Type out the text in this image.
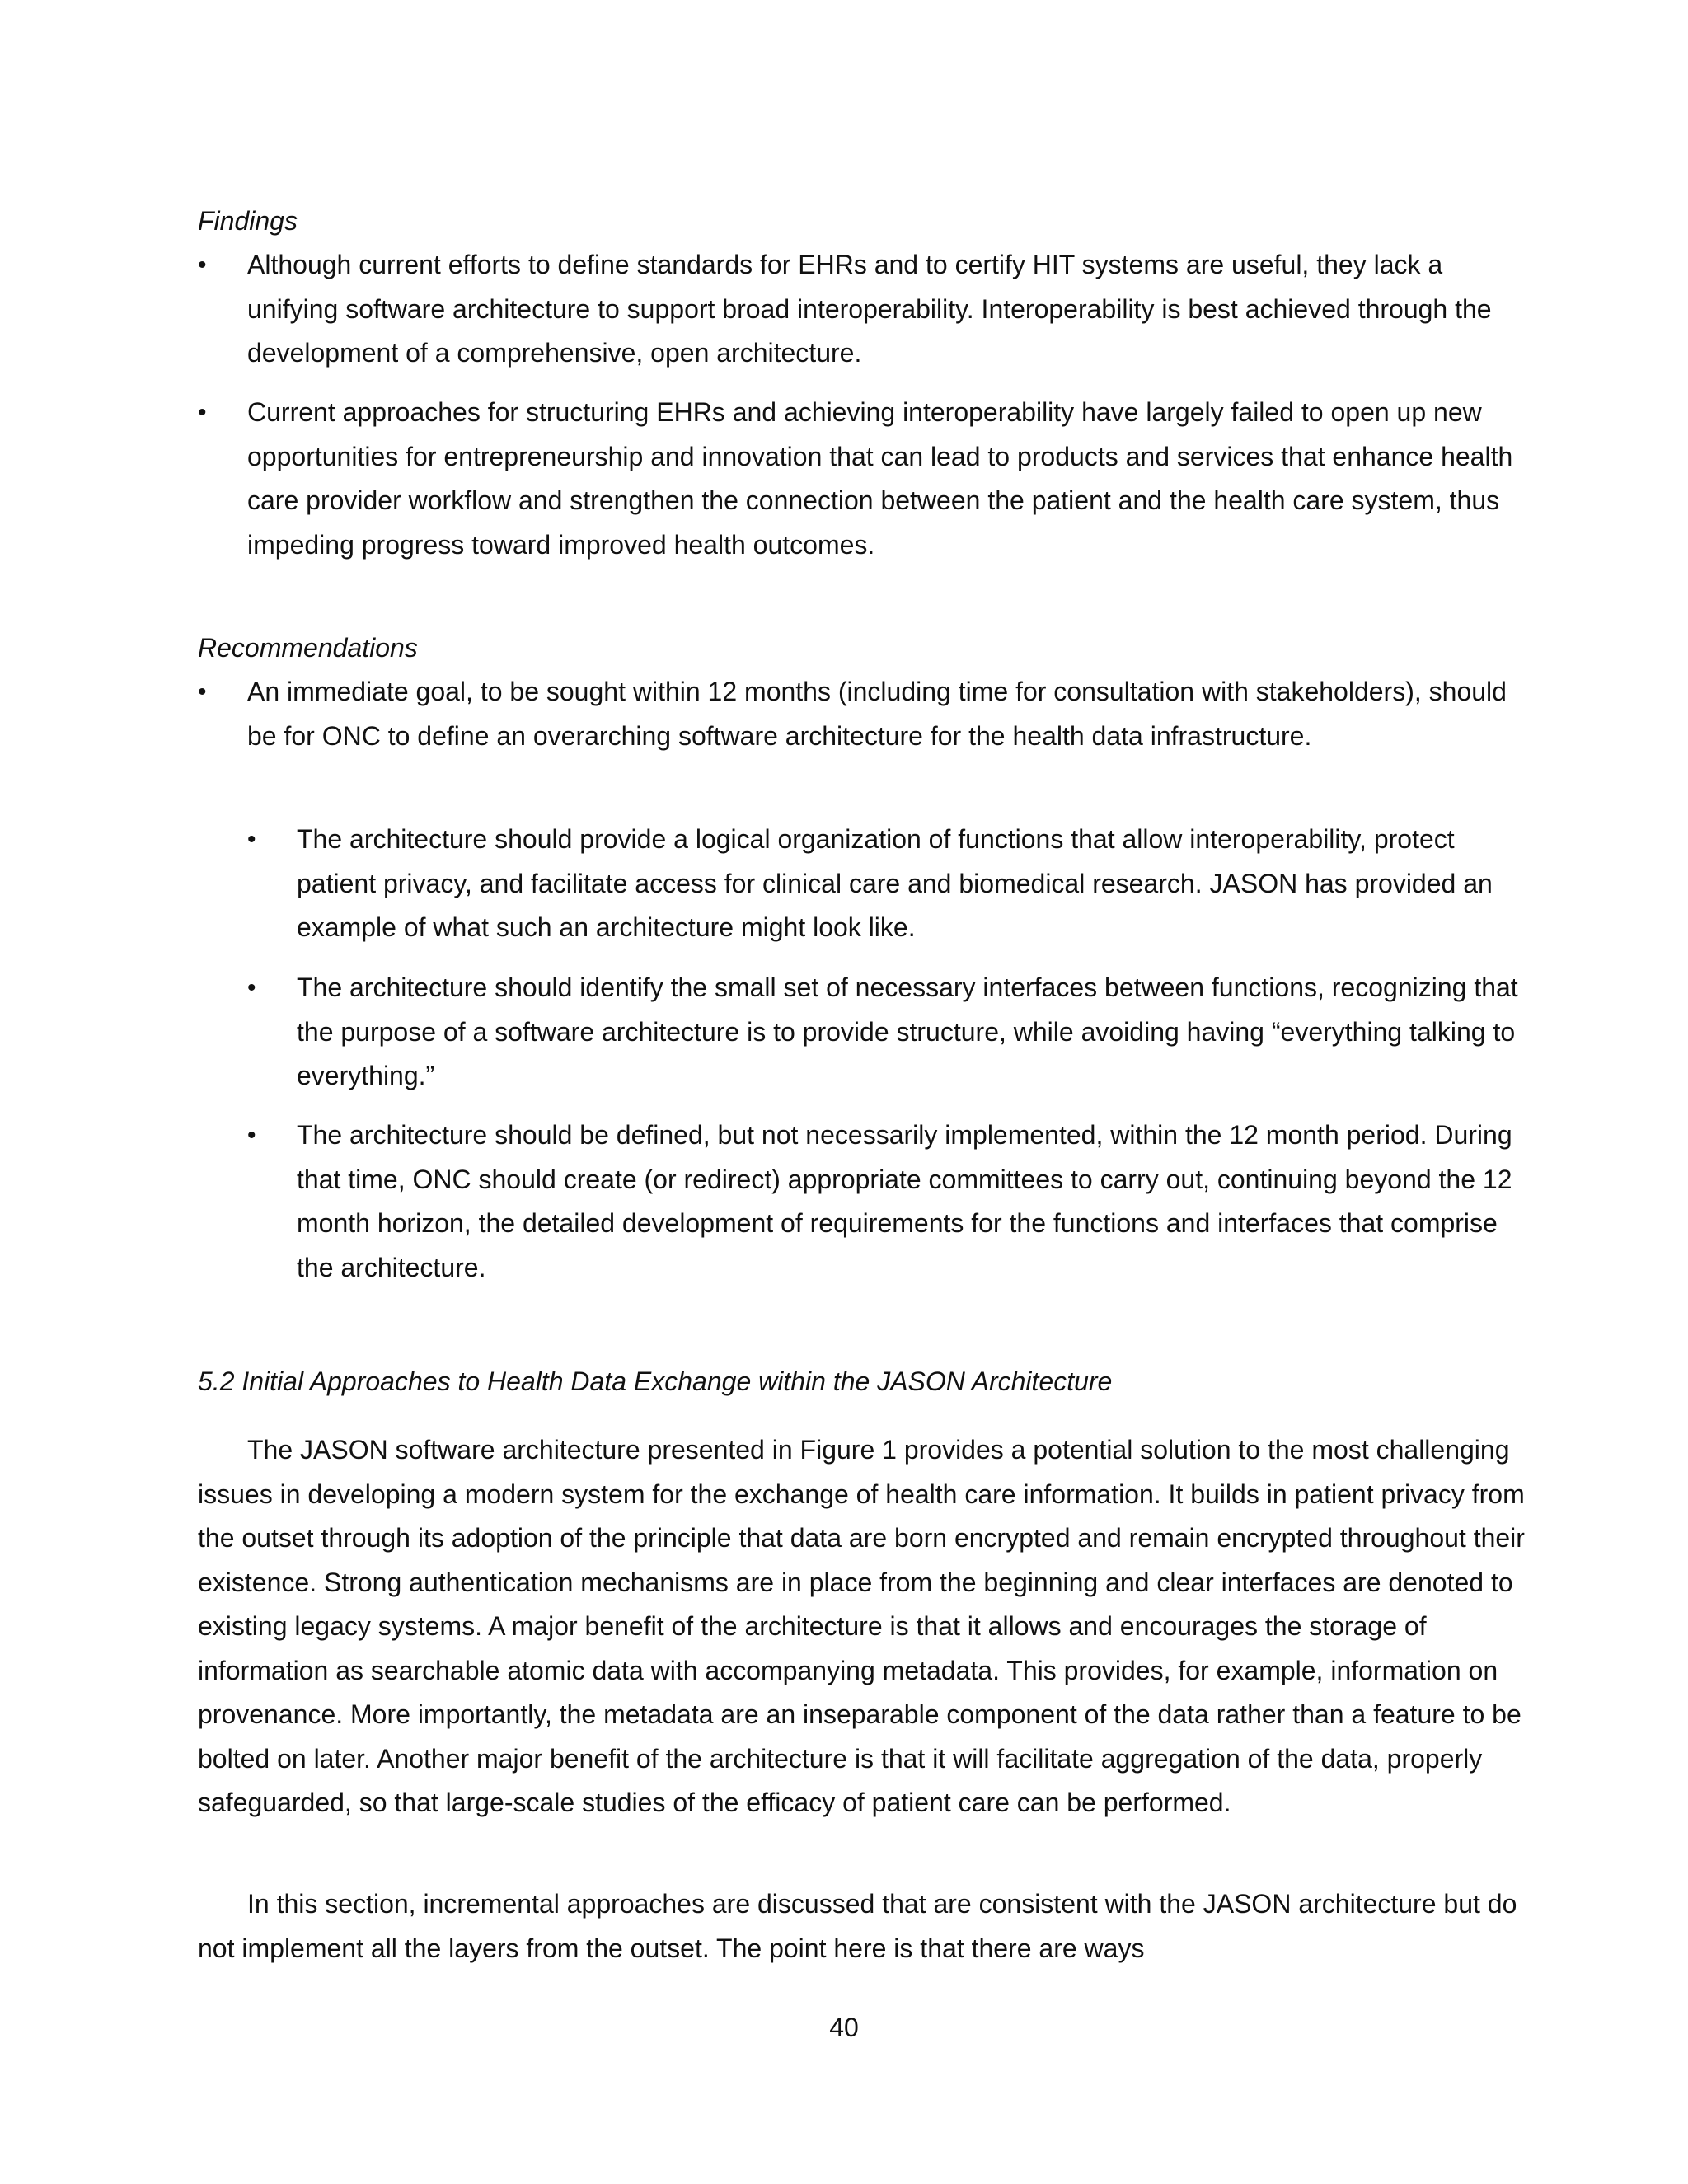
Findings

•	Although current efforts to define standards for EHRs and to certify HIT systems are useful, they lack a unifying software architecture to support broad interoperability. Interoperability is best achieved through the development of a comprehensive, open architecture.
•	Current approaches for structuring EHRs and achieving interoperability have largely failed to open up new opportunities for entrepreneurship and innovation that can lead to products and services that enhance health care provider workflow and strengthen the connection between the patient and the health care system, thus impeding progress toward improved health outcomes.

Recommendations

•	An immediate goal, to be sought within 12 months (including time for consultation with stakeholders), should be for ONC to define an overarching software architecture for the health data infrastructure.
•	The architecture should provide a logical organization of functions that allow interoperability, protect patient privacy, and facilitate access for clinical care and biomedical research. JASON has provided an example of what such an architecture might look like.
•	The architecture should identify the small set of necessary interfaces between functions, recognizing that the purpose of a software architecture is to provide structure, while avoiding having “everything talking to everything.”
•	The architecture should be defined, but not necessarily implemented, within the 12 month period. During that time, ONC should create (or redirect) appropriate committees to carry out, continuing beyond the 12 month horizon, the detailed development of requirements for the functions and interfaces that comprise the architecture.

5.2 Initial Approaches to Health Data Exchange within the JASON Architecture

The JASON software architecture presented in Figure 1 provides a potential solution to the most challenging issues in developing a modern system for the exchange of health care information. It builds in patient privacy from the outset through its adoption of the principle that data are born encrypted and remain encrypted throughout their existence. Strong authentication mechanisms are in place from the beginning and clear interfaces are denoted to existing legacy systems. A major benefit of the architecture is that it allows and encourages the storage of information as searchable atomic data with accompanying metadata. This provides, for example, information on provenance. More importantly, the metadata are an inseparable component of the data rather than a feature to be bolted on later. Another major benefit of the architecture is that it will facilitate aggregation of the data, properly safeguarded, so that large-scale studies of the efficacy of patient care can be performed.

In this section, incremental approaches are discussed that are consistent with the JASON architecture but do not implement all the layers from the outset. The point here is that there are ways

40
